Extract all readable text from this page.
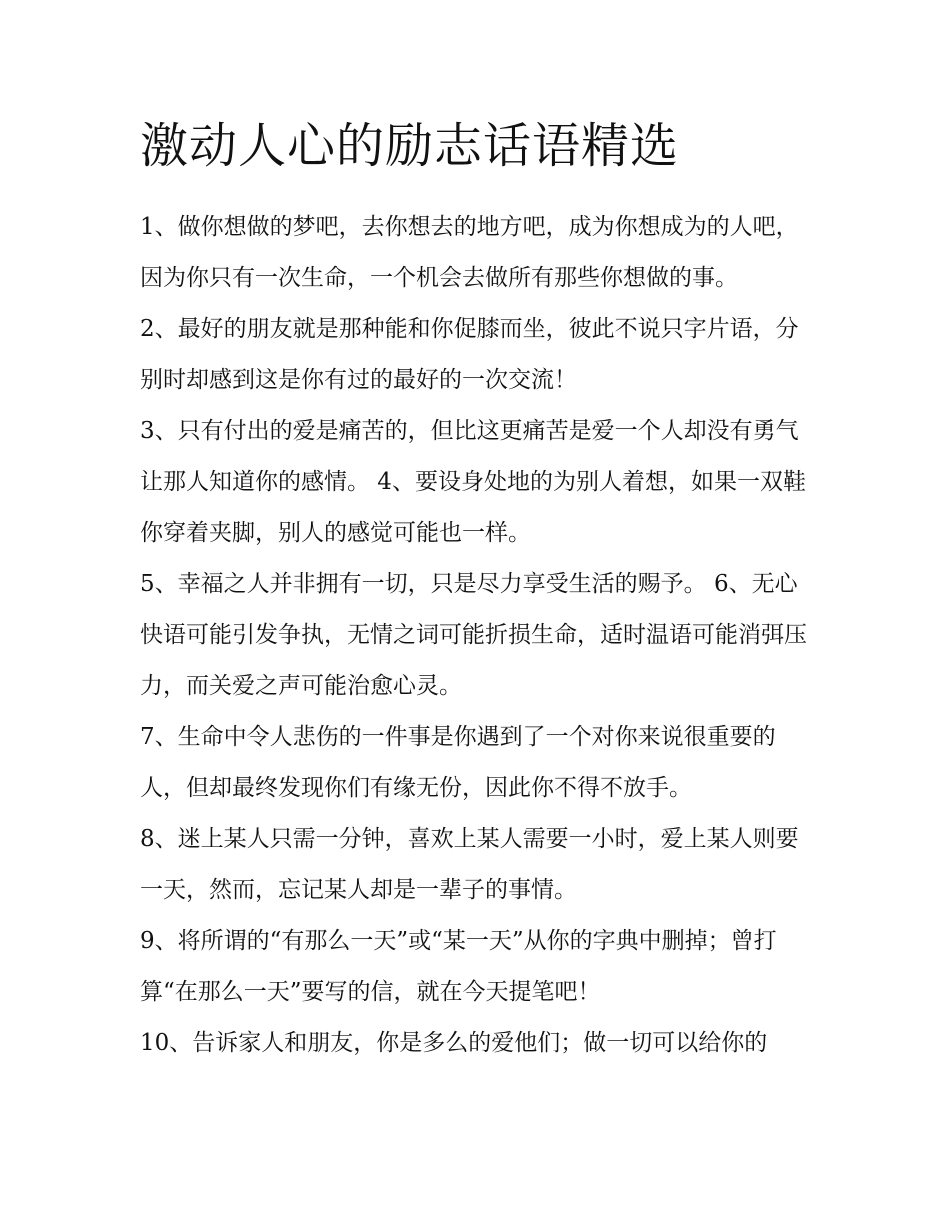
激动人心的励志话语精选

1、做你想做的梦吧，去你想去的地方吧，成为你想成为的人吧，因为你只有一次生命，一个机会去做所有那些你想做的事。

2、最好的朋友就是那种能和你促膝而坐，彼此不说只字片语，分别时却感到这是你有过的最好的一次交流！

3、只有付出的爱是痛苦的，但比这更痛苦是爱一个人却没有勇气让那人知道你的感情。 4、要设身处地的为别人着想，如果一双鞋你穿着夹脚，别人的感觉可能也一样。

5、幸福之人并非拥有一切，只是尽力享受生活的赐予。 6、无心快语可能引发争执，无情之词可能折损生命，适时温语可能消弭压力，而关爱之声可能治愈心灵。

7、生命中令人悲伤的一件事是你遇到了一个对你来说很重要的人，但却最终发现你们有缘无份，因此你不得不放手。

8、迷上某人只需一分钟，喜欢上某人需要一小时，爱上某人则要一天，然而，忘记某人却是一辈子的事情。

9、将所谓的“有那么一天”或“某一天”从你的字典中删掉；曾打算“在那么一天”要写的信，就在今天提笔吧！

10、告诉家人和朋友，你是多么的爱他们；做一切可以给你的
